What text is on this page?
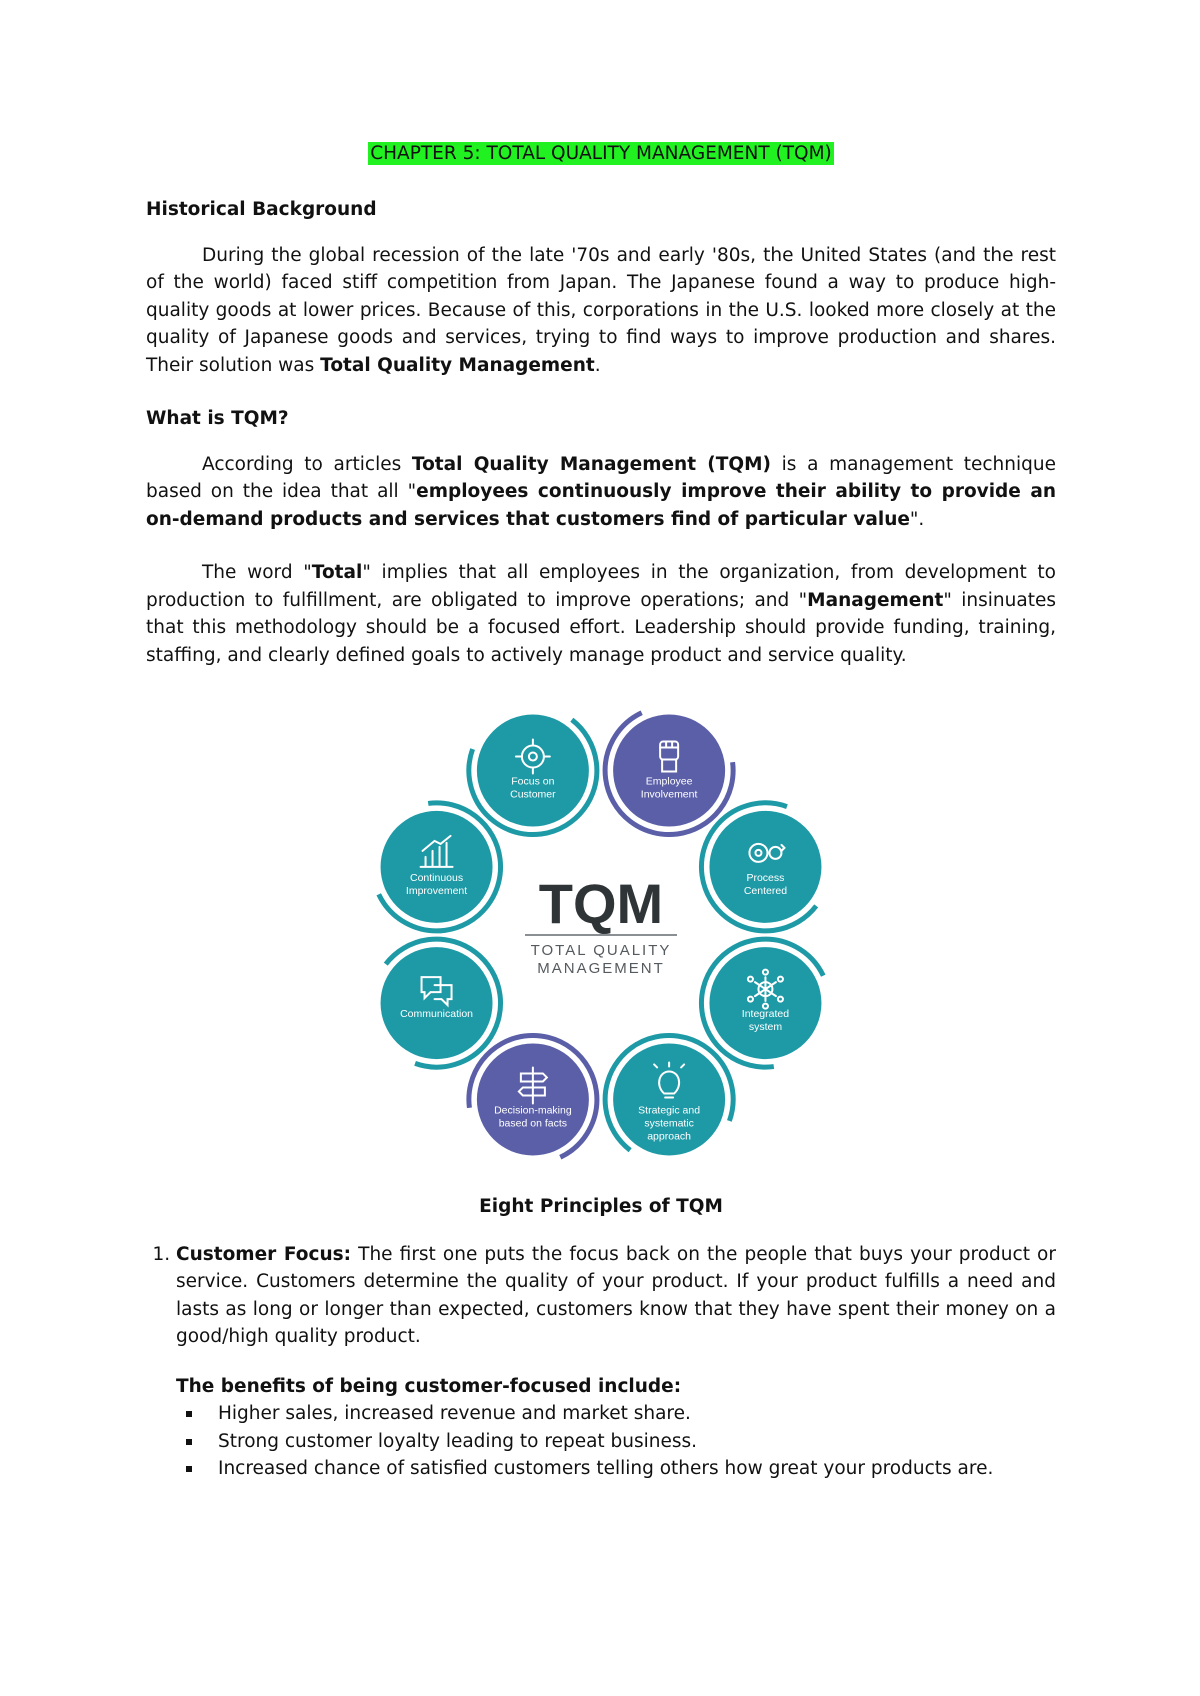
CHAPTER 5: TOTAL QUALITY MANAGEMENT (TQM)
Historical Background
During the global recession of the late '70s and early '80s, the United States (and the rest of the world) faced stiff competition from Japan. The Japanese found a way to produce high-quality goods at lower prices. Because of this, corporations in the U.S. looked more closely at the quality of Japanese goods and services, trying to find ways to improve production and shares. Their solution was Total Quality Management.
What is TQM?
According to articles Total Quality Management (TQM) is a management technique based on the idea that all "employees continuously improve their ability to provide an on-demand products and services that customers find of particular value".
The word "Total" implies that all employees in the organization, from development to production to fulfillment, are obligated to improve operations; and "Management" insinuates that this methodology should be a focused effort. Leadership should provide funding, training, staffing, and clearly defined goals to actively manage product and service quality.
TQM
TOTAL QUALITY
MANAGEMENT
Focus on
Customer
Employee
Involvement
Process
Centered
Integrated
system
Strategic and
systematic
approach
Decision-making
based on facts
Communication
Continuous
Improvement
Eight Principles of TQM
1. Customer Focus: The first one puts the focus back on the people that buys your product or service. Customers determine the quality of your product. If your product fulfills a need and lasts as long or longer than expected, customers know that they have spent their money on a good/high quality product.
The benefits of being customer-focused include:
Higher sales, increased revenue and market share.
Strong customer loyalty leading to repeat business.
Increased chance of satisfied customers telling others how great your products are.
